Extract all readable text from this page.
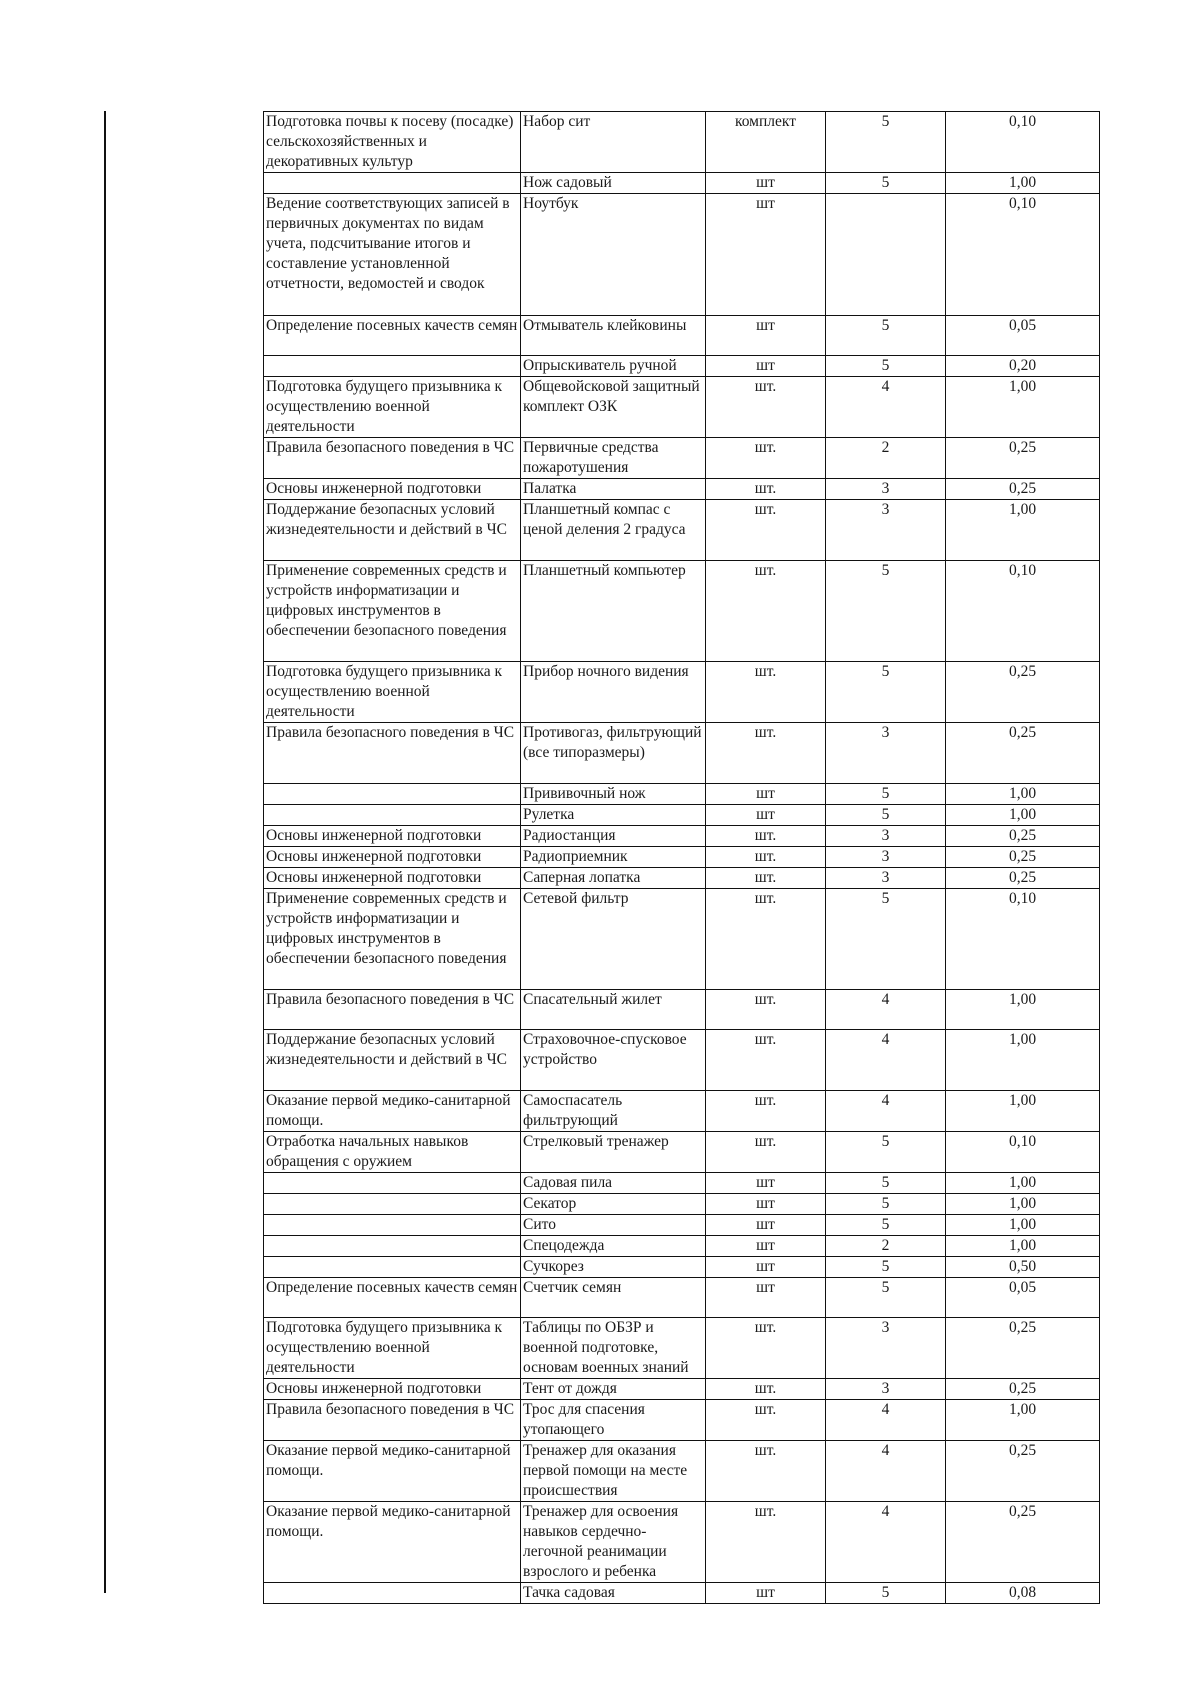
Подготовка почвы к посеву (посадке) сельскохозяйственных и декоративных культур	Набор сит	комплект	5	0,10
	Нож садовый	шт	5	1,00
Ведение соответствующих записей в первичных документах по видам учета, подсчитывание итогов и составление установленной отчетности, ведомостей и сводок	Ноутбук	шт		0,10
Определение посевных качеств семян	Отмыватель клейковины	шт	5	0,05
	Опрыскиватель ручной	шт	5	0,20
Подготовка будущего призывника к осуществлению военной деятельности	Общевойсковой защитный комплект ОЗК	шт.	4	1,00
Правила безопасного поведения в ЧС	Первичные средства пожаротушения	шт.	2	0,25
Основы инженерной подготовки	Палатка	шт.	3	0,25
Поддержание безопасных условий жизнедеятельности и действий в ЧС	Планшетный компас с ценой деления 2 градуса	шт.	3	1,00
Применение современных средств и устройств информатизации и цифровых инструментов в обеспечении безопасного поведения	Планшетный компьютер	шт.	5	0,10
Подготовка будущего призывника к осуществлению военной деятельности	Прибор ночного видения	шт.	5	0,25
Правила безопасного поведения в ЧС	Противогаз, фильтрующий (все типоразмеры)	шт.	3	0,25
	Прививочный нож	шт	5	1,00
	Рулетка	шт	5	1,00
Основы инженерной подготовки	Радиостанция	шт.	3	0,25
Основы инженерной подготовки	Радиоприемник	шт.	3	0,25
Основы инженерной подготовки	Саперная лопатка	шт.	3	0,25
Применение современных средств и устройств информатизации и цифровых инструментов в обеспечении безопасного поведения	Сетевой фильтр	шт.	5	0,10
Правила безопасного поведения в ЧС	Спасательный жилет	шт.	4	1,00
Поддержание безопасных условий жизнедеятельности и действий в ЧС	Страховочное-спусковое устройство	шт.	4	1,00
Оказание первой медико-санитарной помощи.	Самоспасатель фильтрующий	шт.	4	1,00
Отработка начальных навыков обращения с оружием	Стрелковый тренажер	шт.	5	0,10
	Садовая пила	шт	5	1,00
	Секатор	шт	5	1,00
	Сито	шт	5	1,00
	Спецодежда	шт	2	1,00
	Сучкорез	шт	5	0,50
Определение посевных качеств семян	Счетчик семян	шт	5	0,05
Подготовка будущего призывника к осуществлению военной деятельности	Таблицы по ОБЗР и военной подготовке, основам военных знаний	шт.	3	0,25
Основы инженерной подготовки	Тент от дождя	шт.	3	0,25
Правила безопасного поведения в ЧС	Трос для спасения утопающего	шт.	4	1,00
Оказание первой медико-санитарной помощи.	Тренажер для оказания первой помощи на месте происшествия	шт.	4	0,25
Оказание первой медико-санитарной помощи.	Тренажер для освоения навыков сердечно-легочной реанимации взрослого и ребенка	шт.	4	0,25
	Тачка садовая	шт	5	0,08
